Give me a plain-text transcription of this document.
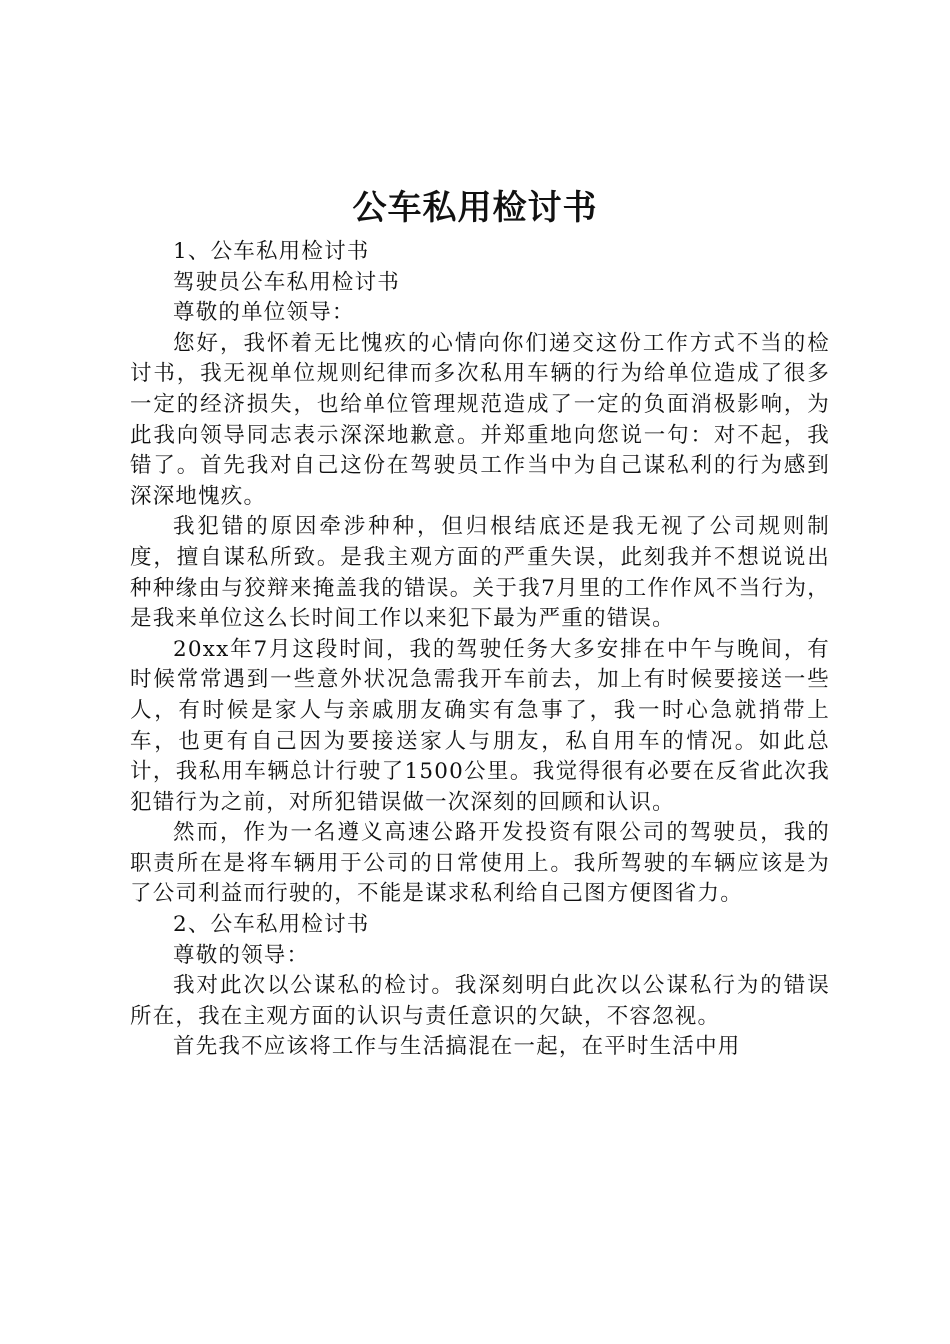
公车私用检讨书

1、公车私用检讨书

驾驶员公车私用检讨书

尊敬的单位领导：

您好，我怀着无比愧疚的心情向你们递交这份工作方式不当的检讨书，我无视单位规则纪律而多次私用车辆的行为给单位造成了很多一定的经济损失，也给单位管理规范造成了一定的负面消极影响，为此我向领导同志表示深深地歉意。并郑重地向您说一句：对不起，我错了。首先我对自己这份在驾驶员工作当中为自己谋私利的行为感到深深地愧疚。

我犯错的原因牵涉种种，但归根结底还是我无视了公司规则制度，擅自谋私所致。是我主观方面的严重失误，此刻我并不想说说出种种缘由与狡辩来掩盖我的错误。关于我7月里的工作作风不当行为，是我来单位这么长时间工作以来犯下最为严重的错误。

20xx年7月这段时间，我的驾驶任务大多安排在中午与晚间，有时候常常遇到一些意外状况急需我开车前去，加上有时候要接送一些人，有时候是家人与亲戚朋友确实有急事了，我一时心急就捎带上车，也更有自己因为要接送家人与朋友，私自用车的情况。如此总计，我私用车辆总计行驶了1500公里。我觉得很有必要在反省此次我犯错行为之前，对所犯错误做一次深刻的回顾和认识。

然而，作为一名遵义高速公路开发投资有限公司的驾驶员，我的职责所在是将车辆用于公司的日常使用上。我所驾驶的车辆应该是为了公司利益而行驶的，不能是谋求私利给自己图方便图省力。

2、公车私用检讨书

尊敬的领导：

我对此次以公谋私的检讨。我深刻明白此次以公谋私行为的错误所在，我在主观方面的认识与责任意识的欠缺，不容忽视。

首先我不应该将工作与生活搞混在一起，在平时生活中用
